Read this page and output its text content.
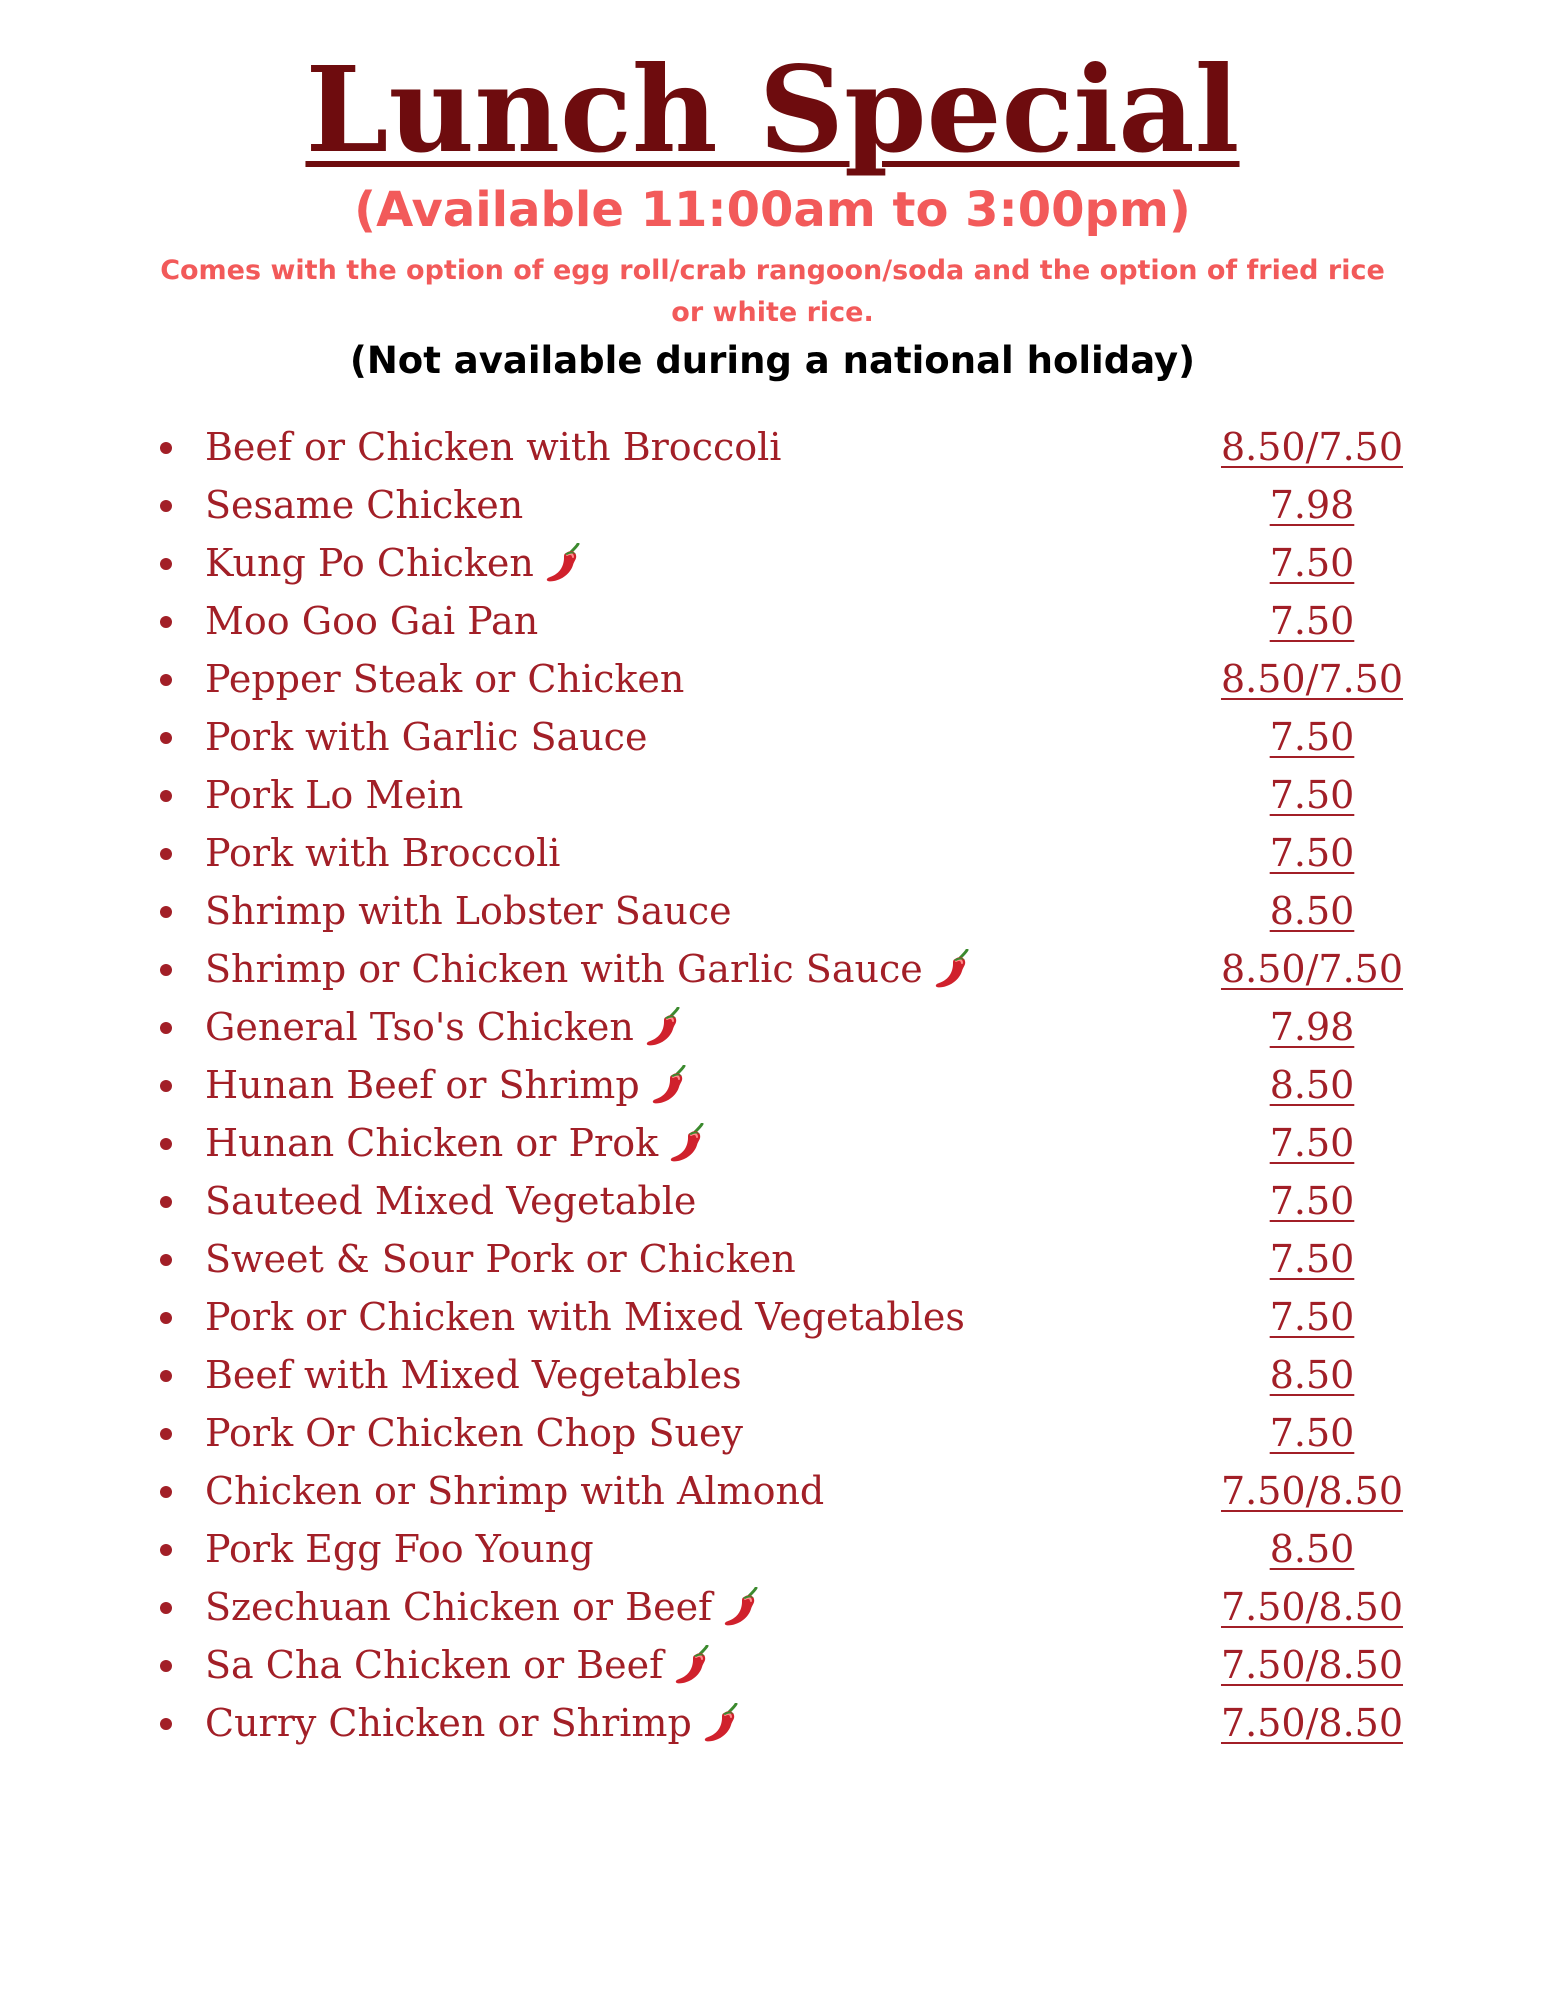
Lunch Special
(Available 11:00am to 3:00pm)
Comes with the option of egg roll/crab rangoon/soda and the option of fried rice or white rice.
(Not available during a national holiday)
Beef or Chicken with Broccoli	8.50/7.50
Sesame Chicken	7.98
Kung Po Chicken	7.50
Moo Goo Gai Pan	7.50
Pepper Steak or Chicken	8.50/7.50
Pork with Garlic Sauce	7.50
Pork Lo Mein	7.50
Pork with Broccoli	7.50
Shrimp with Lobster Sauce	8.50
Shrimp or Chicken with Garlic Sauce	8.50/7.50
General Tso's Chicken	7.98
Hunan Beef or Shrimp	8.50
Hunan Chicken or Prok	7.50
Sauteed Mixed Vegetable	7.50
Sweet & Sour Pork or Chicken	7.50
Pork or Chicken with Mixed Vegetables	7.50
Beef with Mixed Vegetables	8.50
Pork Or Chicken Chop Suey	7.50
Chicken or Shrimp with Almond	7.50/8.50
Pork Egg Foo Young	8.50
Szechuan Chicken or Beef	7.50/8.50
Sa Cha Chicken or Beef	7.50/8.50
Curry Chicken or Shrimp	7.50/8.50
